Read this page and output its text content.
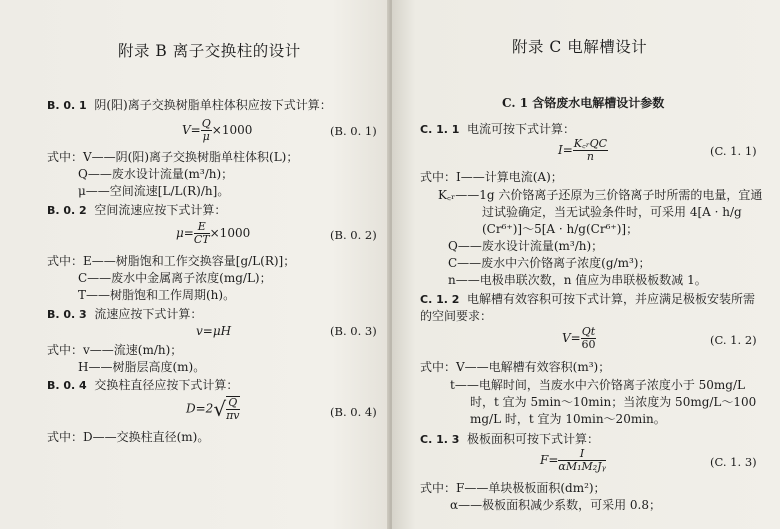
附录 B 离子交换柱的设计
B. 0. 1 阴(阳)离子交换树脂单柱体积应按下式计算：
$V= \frac{Q}{\mu} \times 1000$	(B. 0. 1)
式中：V——阴(阳)离子交换树脂单柱体积(L)；
Q——废水设计流量(m³/h)；
μ——空间流速[L/L(R)/h]。
B. 0. 2 空间流速应按下式计算：
$\mu= \frac{E}{CT} \times 1000$	(B. 0. 2)
式中：E——树脂饱和工作交换容量[g/L(R)]；
C——废水中金属离子浓度(mg/L)；
T——树脂饱和工作周期(h)。
B. 0. 3 流速应按下式计算：
v=μH	(B. 0. 3)
式中：v——流速(m/h)；
H——树脂层高度(m)。
B. 0. 4 交换柱直径应按下式计算：
$D=2√ \frac{Q}{\pi v}$	(B. 0. 4)
式中：D——交换柱直径(m)。
附录 C 电解槽设计
C. 1 含铬废水电解槽设计参数
C. 1. 1 电流可按下式计算：
$I= \frac{\text{K꜀ᵣQC}}{n}$	(C. 1. 1)
式中：I——计算电流(A)；
K꜀ᵣ——1g 六价铬离子还原为三价铬离子时所需的电量，宜通
过试验确定，当无试验条件时，可采用 4[A · h/g
(Cr⁶⁺)]～5[A · h/g(Cr⁶⁺)]；
Q——废水设计流量(m³/h)；
C——废水中六价铬离子浓度(g/m³)；
n——电极串联次数，n 值应为串联极板数减 1。
C. 1. 2 电解槽有效容积可按下式计算，并应满足极板安装所需
的空间要求：
$V= \frac{Qt}{60}$	(C. 1. 2)
式中：V——电解槽有效容积(m³)；
t——电解时间，当废水中六价铬离子浓度小于 50mg/L
时，t 宜为 5min～10min；当浓度为 50mg/L～100
mg/L 时，t 宜为 10min～20min。
C. 1. 3 极板面积可按下式计算：
$F= \frac{I}{\text{αM₁M₂Jᵧ}}$	(C. 1. 3)
式中：F——单块极板面积(dm²)；
α——极板面积减少系数，可采用 0.8；
